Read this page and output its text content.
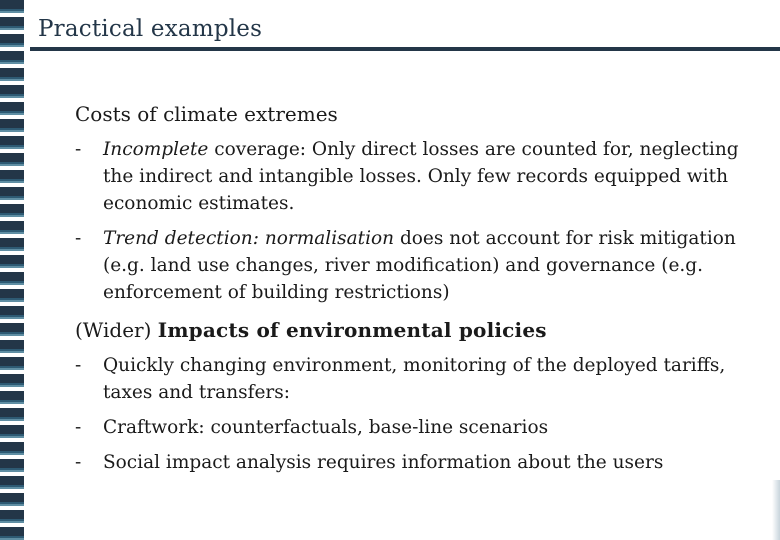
Practical examples
Costs of climate extremes
-	Incomplete coverage: Only direct losses are counted for, neglecting the indirect and intangible losses. Only few records equipped with economic estimates.
-	Trend detection: normalisation does not account for risk mitigation (e.g. land use changes, river modification) and governance (e.g. enforcement of building restrictions)
(Wider) Impacts of environmental policies
-	Quickly changing environment, monitoring of the deployed tariffs, taxes and transfers:
-	Craftwork: counterfactuals, base-line scenarios
-	Social impact analysis requires information about the users
